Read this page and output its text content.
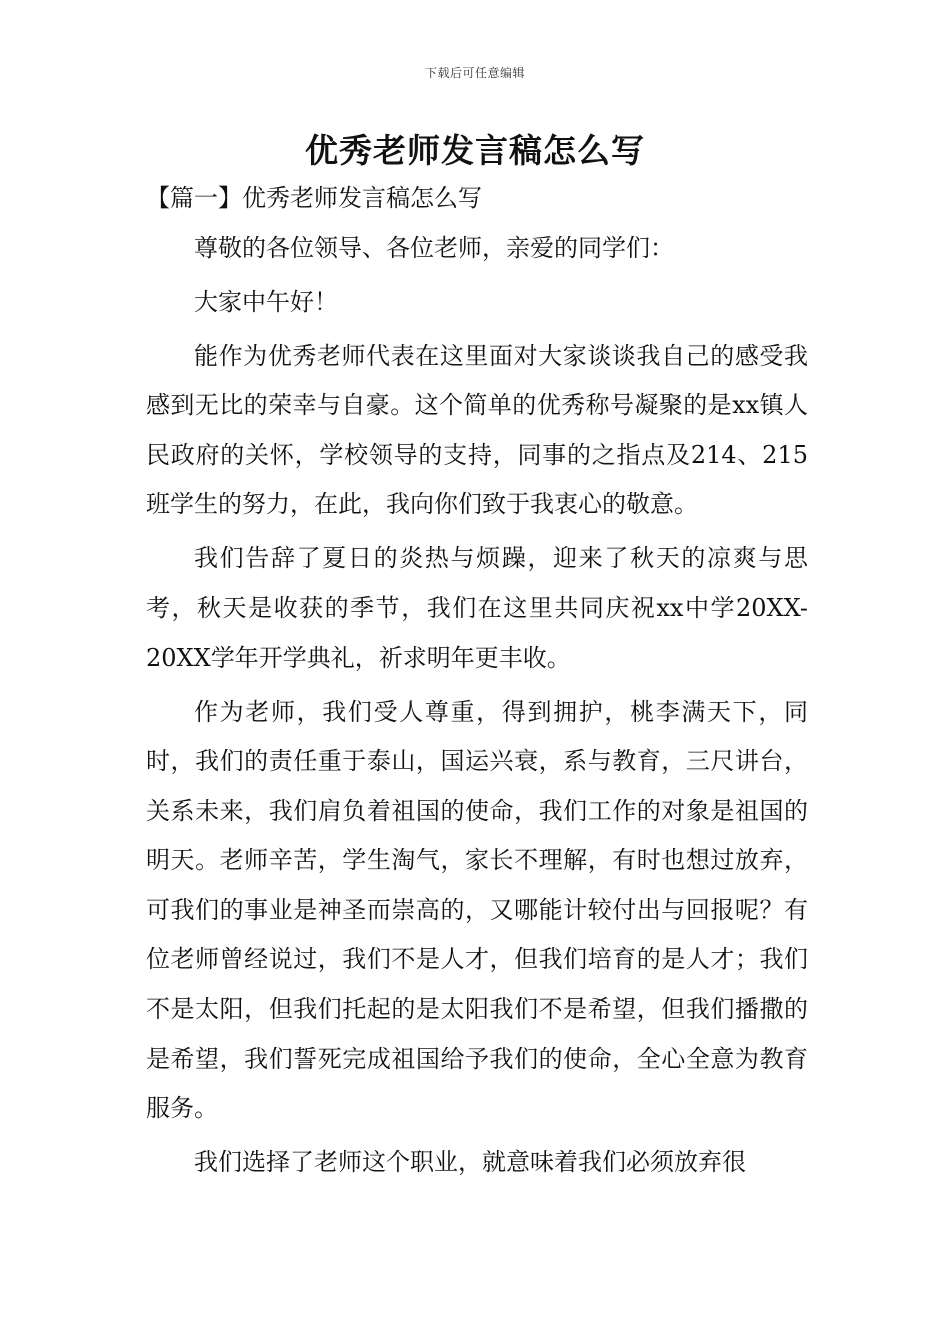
下载后可任意编辑
优秀老师发言稿怎么写

【篇一】优秀老师发言稿怎么写

尊敬的各位领导、各位老师，亲爱的同学们：

大家中午好！

能作为优秀老师代表在这里面对大家谈谈我自己的感受我感到无比的荣幸与自豪。这个简单的优秀称号凝聚的是xx镇人民政府的关怀，学校领导的支持，同事的之指点及214、215班学生的努力，在此，我向你们致于我衷心的敬意。

我们告辞了夏日的炎热与烦躁，迎来了秋天的凉爽与思考，秋天是收获的季节，我们在这里共同庆祝xx中学20XX-20XX学年开学典礼，祈求明年更丰收。

作为老师，我们受人尊重，得到拥护，桃李满天下，同时，我们的责任重于泰山，国运兴衰，系与教育，三尺讲台，关系未来，我们肩负着祖国的使命，我们工作的对象是祖国的明天。老师辛苦，学生淘气，家长不理解，有时也想过放弃，可我们的事业是神圣而崇高的，又哪能计较付出与回报呢？有位老师曾经说过，我们不是人才，但我们培育的是人才；我们不是太阳，但我们托起的是太阳我们不是希望，但我们播撒的是希望，我们誓死完成祖国给予我们的使命，全心全意为教育服务。

我们选择了老师这个职业，就意味着我们必须放弃很
